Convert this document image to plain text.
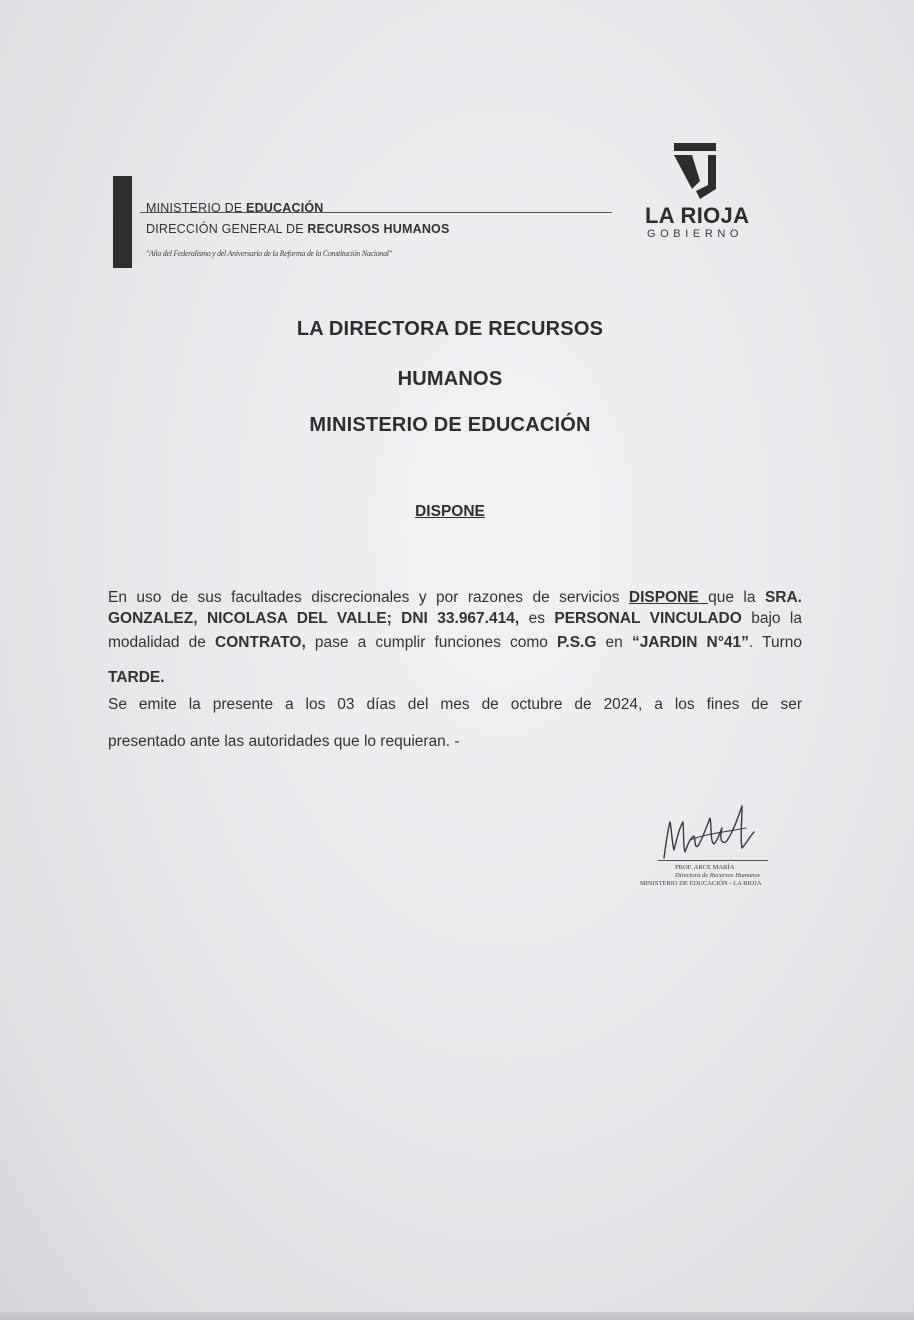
MINISTERIO DE EDUCACIÓN
DIRECCIÓN GENERAL DE RECURSOS HUMANOS
"Año del Federalismo y del Aniversario de la Reforma de la Constitución Nacional"
LA RIOJA
GOBIERNO
LA DIRECTORA DE RECURSOS
HUMANOS
MINISTERIO DE EDUCACIÓN
DISPONE
En uso de sus facultades discrecionales y por razones de servicios DISPONE que la SRA.
GONZALEZ, NICOLASA DEL VALLE; DNI 33.967.414, es PERSONAL VINCULADO bajo la
modalidad de CONTRATO, pase a cumplir funciones como P.S.G en “JARDIN N°41”. Turno
TARDE.
Se emite la presente a los 03 días del mes de octubre de 2024, a los fines de ser
presentado ante las autoridades que lo requieran. -
PROF. ARCE MARÍA
Directora de Recursos Humanos
MINISTERIO DE EDUCACIÓN - LA RIOJA
